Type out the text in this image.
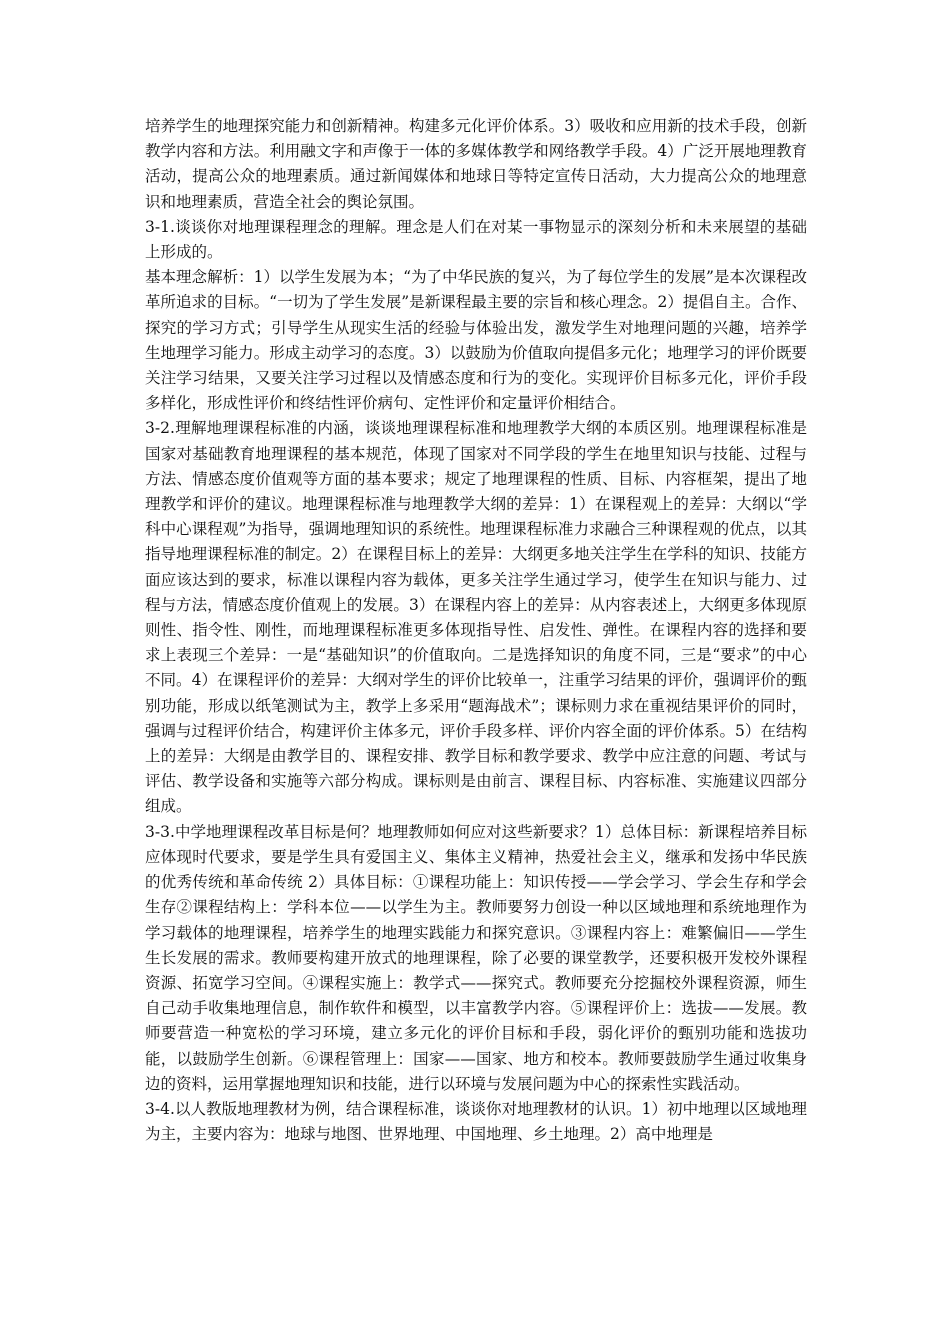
培养学生的地理探究能力和创新精神。构建多元化评价体系。3）吸收和应用新的技术手段，创新教学内容和方法。利用融文字和声像于一体的多媒体教学和网络教学手段。4）广泛开展地理教育活动，提高公众的地理素质。通过新闻媒体和地球日等特定宣传日活动，大力提高公众的地理意识和地理素质，营造全社会的舆论氛围。

3-1.谈谈你对地理课程理念的理解。理念是人们在对某一事物显示的深刻分析和未来展望的基础上形成的。

基本理念解析：1）以学生发展为本；“为了中华民族的复兴，为了每位学生的发展”是本次课程改革所追求的目标。“一切为了学生发展”是新课程最主要的宗旨和核心理念。2）提倡自主。合作、探究的学习方式；引导学生从现实生活的经验与体验出发，激发学生对地理问题的兴趣，培养学生地理学习能力。形成主动学习的态度。3）以鼓励为价值取向提倡多元化；地理学习的评价既要关注学习结果，又要关注学习过程以及情感态度和行为的变化。实现评价目标多元化，评价手段多样化，形成性评价和终结性评价病句、定性评价和定量评价相结合。

3-2.理解地理课程标准的内涵，谈谈地理课程标准和地理教学大纲的本质区别。地理课程标准是国家对基础教育地理课程的基本规范，体现了国家对不同学段的学生在地里知识与技能、过程与方法、情感态度价值观等方面的基本要求；规定了地理课程的性质、目标、内容框架，提出了地理教学和评价的建议。地理课程标准与地理教学大纲的差异：1）在课程观上的差异：大纲以“学科中心课程观”为指导，强调地理知识的系统性。地理课程标准力求融合三种课程观的优点，以其指导地理课程标准的制定。2）在课程目标上的差异：大纲更多地关注学生在学科的知识、技能方面应该达到的要求，标准以课程内容为载体，更多关注学生通过学习，使学生在知识与能力、过程与方法，情感态度价值观上的发展。3）在课程内容上的差异：从内容表述上，大纲更多体现原则性、指令性、刚性，而地理课程标准更多体现指导性、启发性、弹性。在课程内容的选择和要求上表现三个差异：一是“基础知识”的价值取向。二是选择知识的角度不同，三是“要求”的中心不同。4）在课程评价的差异：大纲对学生的评价比较单一，注重学习结果的评价，强调评价的甄别功能，形成以纸笔测试为主，教学上多采用“题海战术”；课标则力求在重视结果评价的同时，强调与过程评价结合，构建评价主体多元，评价手段多样、评价内容全面的评价体系。5）在结构上的差异：大纲是由教学目的、课程安排、教学目标和教学要求、教学中应注意的问题、考试与评估、教学设备和实施等六部分构成。课标则是由前言、课程目标、内容标准、实施建议四部分组成。

3-3.中学地理课程改革目标是何？地理教师如何应对这些新要求？1）总体目标：新课程培养目标应体现时代要求，要是学生具有爱国主义、集体主义精神，热爱社会主义，继承和发扬中华民族的优秀传统和革命传统 2）具体目标：①课程功能上：知识传授——学会学习、学会生存和学会生存②课程结构上：学科本位——以学生为主。教师要努力创设一种以区域地理和系统地理作为学习载体的地理课程，培养学生的地理实践能力和探究意识。③课程内容上：难繁偏旧——学生生长发展的需求。教师要构建开放式的地理课程，除了必要的课堂教学，还要积极开发校外课程资源、拓宽学习空间。④课程实施上：教学式——探究式。教师要充分挖掘校外课程资源，师生自己动手收集地理信息，制作软件和模型，以丰富教学内容。⑤课程评价上：选拔——发展。教师要营造一种宽松的学习环境，建立多元化的评价目标和手段，弱化评价的甄别功能和选拔功能，以鼓励学生创新。⑥课程管理上：国家——国家、地方和校本。教师要鼓励学生通过收集身边的资料，运用掌握地理知识和技能，进行以环境与发展问题为中心的探索性实践活动。

3-4.以人教版地理教材为例，结合课程标准，谈谈你对地理教材的认识。1）初中地理以区域地理为主，主要内容为：地球与地图、世界地理、中国地理、乡土地理。2）高中地理是
